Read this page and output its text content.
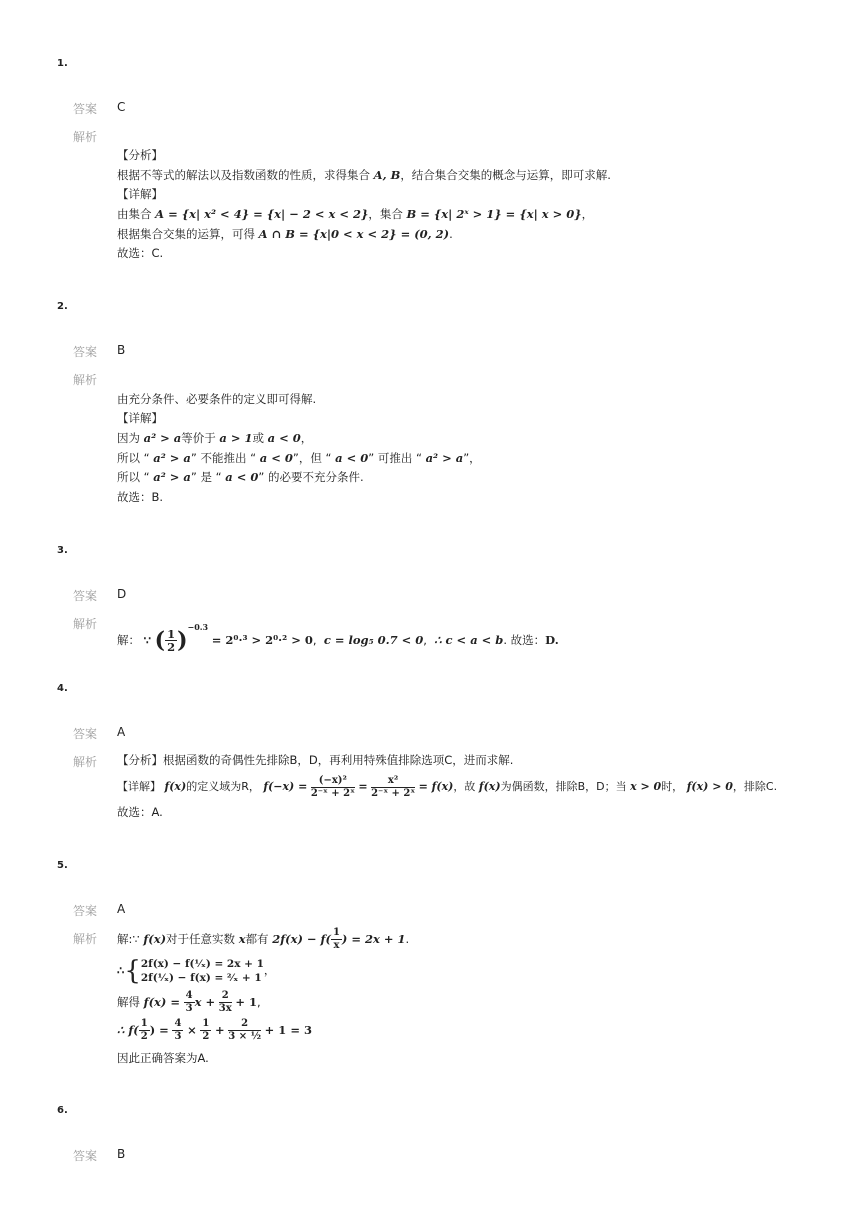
1.
答案 C
解析
【分析】
根据不等式的解法以及指数函数的性质，求得集合 A, B，结合集合交集的概念与运算，即可求解.
【详解】
由集合 A = {x| x² < 4} = {x| − 2 < x < 2}，集合 B = {x| 2ˣ > 1} = {x| x > 0}，
根据集合交集的运算，可得 A ∩ B = {x|0 < x < 2} = (0, 2).
故选：C.
2.
答案 B
解析
由充分条件、必要条件的定义即可得解.
【详解】
因为 a² > a等价于 a > 1或 a < 0，
所以 “ a² > a” 不能推出 “ a < 0”，但 “ a < 0” 可推出 “ a² > a”，
所以 “ a² > a” 是 “ a < 0” 的必要不充分条件.
故选：B.
3.
答案 D
解析
解： ∵ ( $\frac{1}{2} )^{-0.3} = 2^0\cdot^3 > 2^0\cdot^2 > 0$,  c = log₅ 0.7 < 0,  ∴ c < a < b. 故选：D.
4.
答案 A
解析 【分析】根据函数的奇偶性先排除B，D，再利用特殊值排除选项C，进而求解.
【详解】 f(x)的定义域为R， $f(-x) = \frac{\text{(−x)²}}{\text{2⁻ˣ + 2ˣ}} = \frac{\text{x²}}{\text{2⁻ˣ + 2ˣ}} = f(x)$，故 f(x)为偶函数，排除B，D；当 x > 0时， f(x) > 0，排除C.
故选：A.
5.
答案 A
解析 解:∵ f(x)对于任意实数 x都有 $2f(x) - f( \frac{1}{x}$ ) = 2x + 1.
∴{ 2f(x) − f(¹⁄ₓ) = 2x + 1
2f(¹⁄ₓ) − f(x) = ²⁄ₓ + 1
，
解得 $f(x) = \frac{4}{3}$ $x + \frac{2}{3x} + 1$,
∴ $f( \frac{1}{2}$ ) = $\frac{4}{3} \times \frac{1}{2} + \frac{2}{\text{3 × ½}} + 1 = 3$
因此正确答案为A.
6.
答案 B
